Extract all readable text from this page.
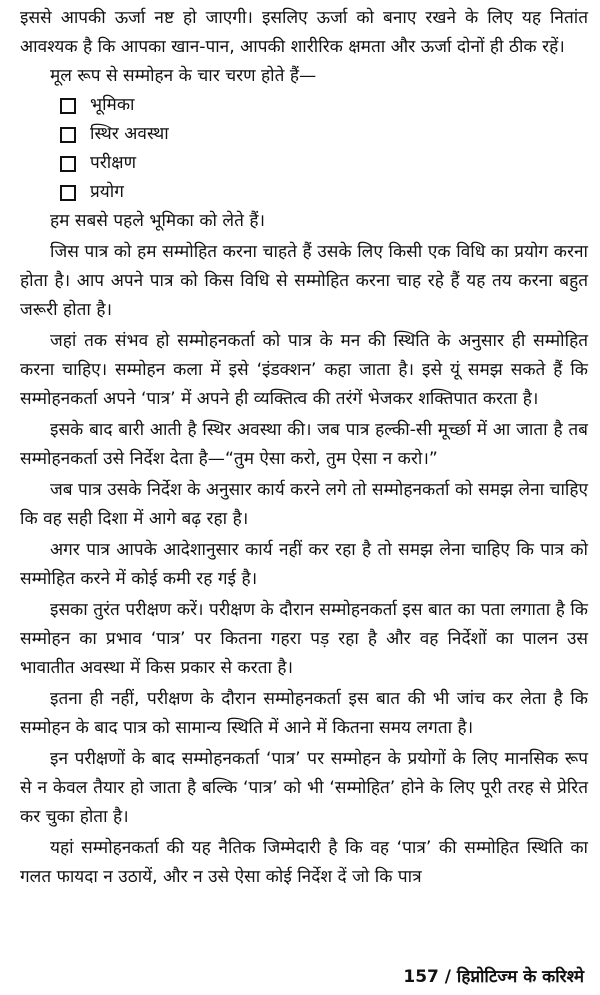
इससे आपकी ऊर्जा नष्ट हो जाएगी। इसलिए ऊर्जा को बनाए रखने के लिए यह नितांत आवश्यक है कि आपका खान-पान, आपकी शारीरिक क्षमता और ऊर्जा दोनों ही ठीक रहें।

मूल रूप से सम्मोहन के चार चरण होते हैं—

भूमिका
स्थिर अवस्था
परीक्षण
प्रयोग

हम सबसे पहले भूमिका को लेते हैं।

जिस पात्र को हम सम्मोहित करना चाहते हैं उसके लिए किसी एक विधि का प्रयोग करना होता है। आप अपने पात्र को किस विधि से सम्मोहित करना चाह रहे हैं यह तय करना बहुत जरूरी होता है।

जहां तक संभव हो सम्मोहनकर्ता को पात्र के मन की स्थिति के अनुसार ही सम्मोहित करना चाहिए। सम्मोहन कला में इसे ‘इंडक्शन’ कहा जाता है। इसे यूं समझ सकते हैं कि सम्मोहनकर्ता अपने ‘पात्र’ में अपने ही व्यक्तित्व की तरंगें भेजकर शक्तिपात करता है।

इसके बाद बारी आती है स्थिर अवस्था की। जब पात्र हल्की-सी मूर्च्छा में आ जाता है तब सम्मोहनकर्ता उसे निर्देश देता है—“तुम ऐसा करो, तुम ऐसा न करो।”

जब पात्र उसके निर्देश के अनुसार कार्य करने लगे तो सम्मोहनकर्ता को समझ लेना चाहिए कि वह सही दिशा में आगे बढ़ रहा है।

अगर पात्र आपके आदेशानुसार कार्य नहीं कर रहा है तो समझ लेना चाहिए कि पात्र को सम्मोहित करने में कोई कमी रह गई है।

इसका तुरंत परीक्षण करें। परीक्षण के दौरान सम्मोहनकर्ता इस बात का पता लगाता है कि सम्मोहन का प्रभाव ‘पात्र’ पर कितना गहरा पड़ रहा है और वह निर्देशों का पालन उस भावातीत अवस्था में किस प्रकार से करता है।

इतना ही नहीं, परीक्षण के दौरान सम्मोहनकर्ता इस बात की भी जांच कर लेता है कि सम्मोहन के बाद पात्र को सामान्य स्थिति में आने में कितना समय लगता है।

इन परीक्षणों के बाद सम्मोहनकर्ता ‘पात्र’ पर सम्मोहन के प्रयोगों के लिए मानसिक रूप से न केवल तैयार हो जाता है बल्कि ‘पात्र’ को भी ‘सम्मोहित’ होने के लिए पूरी तरह से प्रेरित कर चुका होता है।

यहां सम्मोहनकर्ता की यह नैतिक जिम्मेदारी है कि वह ‘पात्र’ की सम्मोहित स्थिति का गलत फायदा न उठायें, और न उसे ऐसा कोई निर्देश दें जो कि पात्र

157 / हिप्नोटिज्म के करिश्मे
